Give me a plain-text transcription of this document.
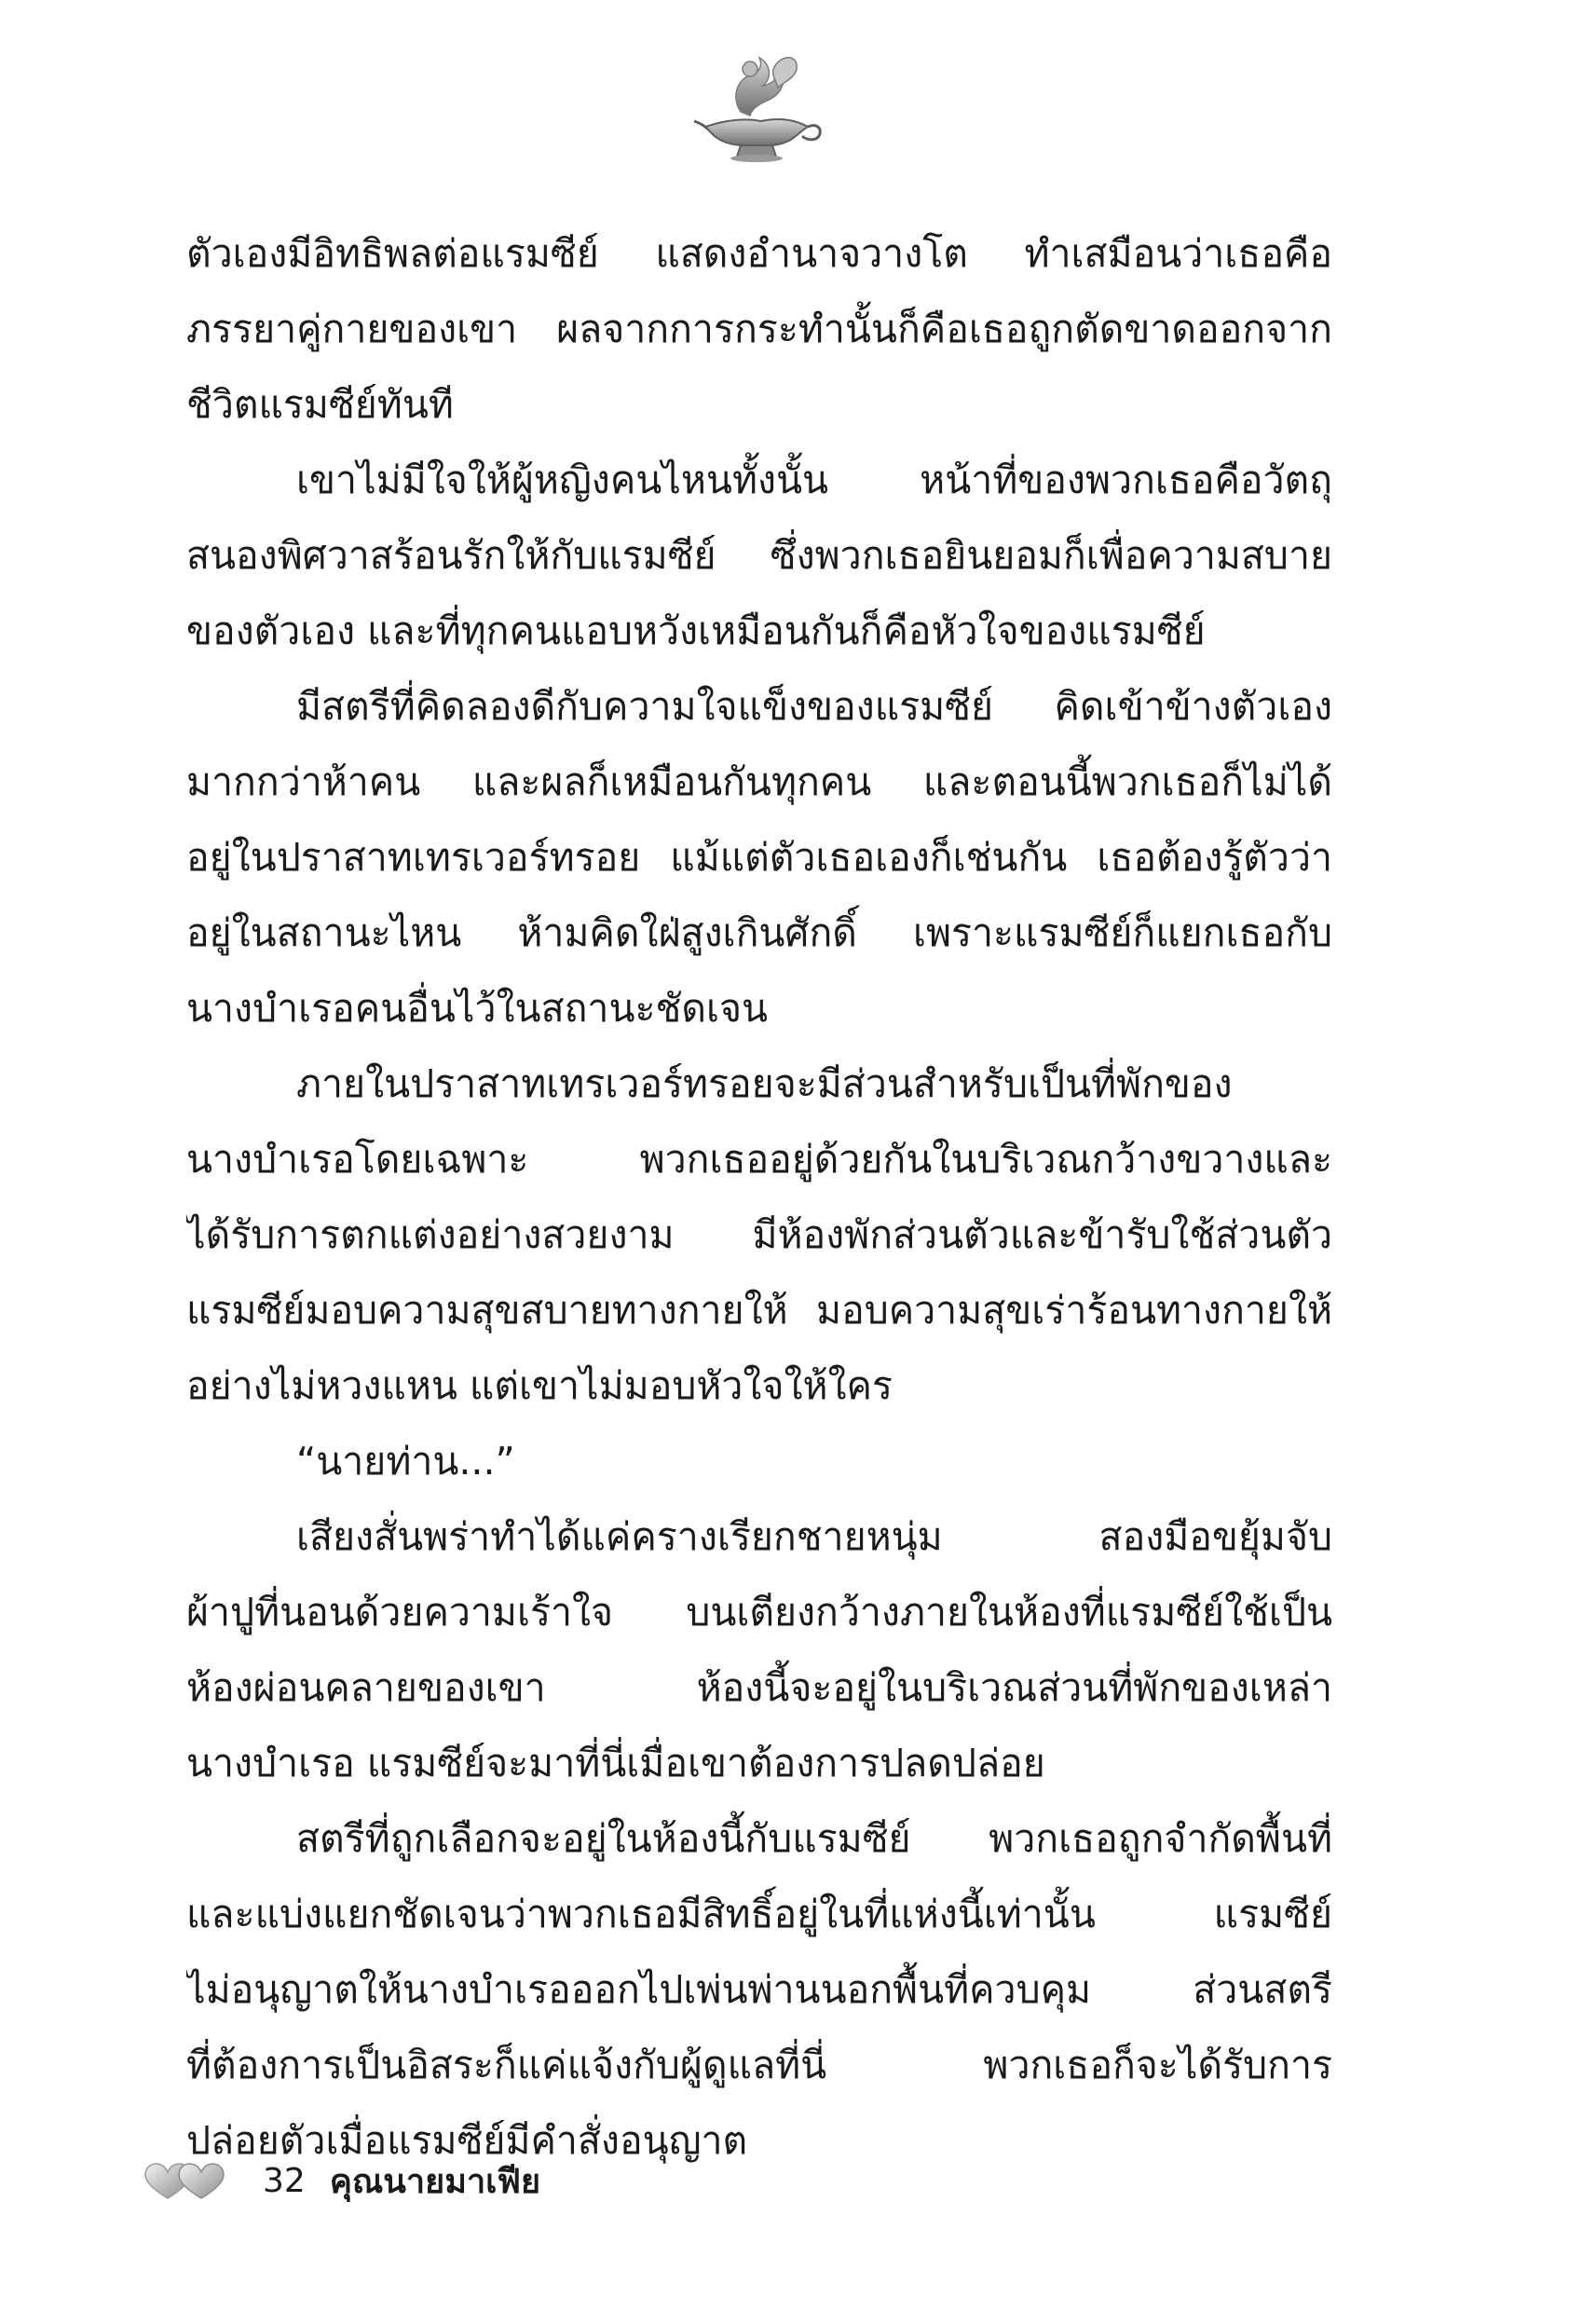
ตัวเองมีอิทธิพลต่อแรมซีย์ แสดงอำนาจวางโต ทำเสมือนว่าเธอคือ
ภรรยาคู่กายของเขา ผลจากการกระทำนั้นก็คือเธอถูกตัดขาดออกจาก
ชีวิตแรมซีย์ทันที
เขาไม่มีใจให้ผู้หญิงคนไหนทั้งนั้น หน้าที่ของพวกเธอคือวัตถุ
สนองพิศวาสร้อนรักให้กับแรมซีย์ ซึ่งพวกเธอยินยอมก็เพื่อความสบาย
ของตัวเอง และที่ทุกคนแอบหวังเหมือนกันก็คือหัวใจของแรมซีย์
มีสตรีที่คิดลองดีกับความใจแข็งของแรมซีย์ คิดเข้าข้างตัวเอง
มากกว่าห้าคน และผลก็เหมือนกันทุกคน และตอนนี้พวกเธอก็ไม่ได้
อยู่ในปราสาทเทรเวอร์ทรอย แม้แต่ตัวเธอเองก็เช่นกัน เธอต้องรู้ตัวว่า
อยู่ในสถานะไหน ห้ามคิดใฝ่สูงเกินศักดิ์ เพราะแรมซีย์ก็แยกเธอกับ
นางบำเรอคนอื่นไว้ในสถานะชัดเจน
ภายในปราสาทเทรเวอร์ทรอยจะมีส่วนสำหรับเป็นที่พักของ
นางบำเรอโดยเฉพาะ พวกเธออยู่ด้วยกันในบริเวณกว้างขวางและ
ได้รับการตกแต่งอย่างสวยงาม มีห้องพักส่วนตัวและข้ารับใช้ส่วนตัว
แรมซีย์มอบความสุขสบายทางกายให้ มอบความสุขเร่าร้อนทางกายให้
อย่างไม่หวงแหน แต่เขาไม่มอบหัวใจให้ใคร
“นายท่าน...”
เสียงสั่นพร่าทำได้แค่ครางเรียกชายหนุ่ม สองมือขยุ้มจับ
ผ้าปูที่นอนด้วยความเร้าใจ บนเตียงกว้างภายในห้องที่แรมซีย์ใช้เป็น
ห้องผ่อนคลายของเขา ห้องนี้จะอยู่ในบริเวณส่วนที่พักของเหล่า
นางบำเรอ แรมซีย์จะมาที่นี่เมื่อเขาต้องการปลดปล่อย
สตรีที่ถูกเลือกจะอยู่ในห้องนี้กับแรมซีย์ พวกเธอถูกจำกัดพื้นที่
และแบ่งแยกชัดเจนว่าพวกเธอมีสิทธิ์อยู่ในที่แห่งนี้เท่านั้น แรมซีย์
ไม่อนุญาตให้นางบำเรอออกไปเพ่นพ่านนอกพื้นที่ควบคุม ส่วนสตรี
ที่ต้องการเป็นอิสระก็แค่แจ้งกับผู้ดูแลที่นี่ พวกเธอก็จะได้รับการ
ปล่อยตัวเมื่อแรมซีย์มีคำสั่งอนุญาต
32 คุณนายมาเฟีย
